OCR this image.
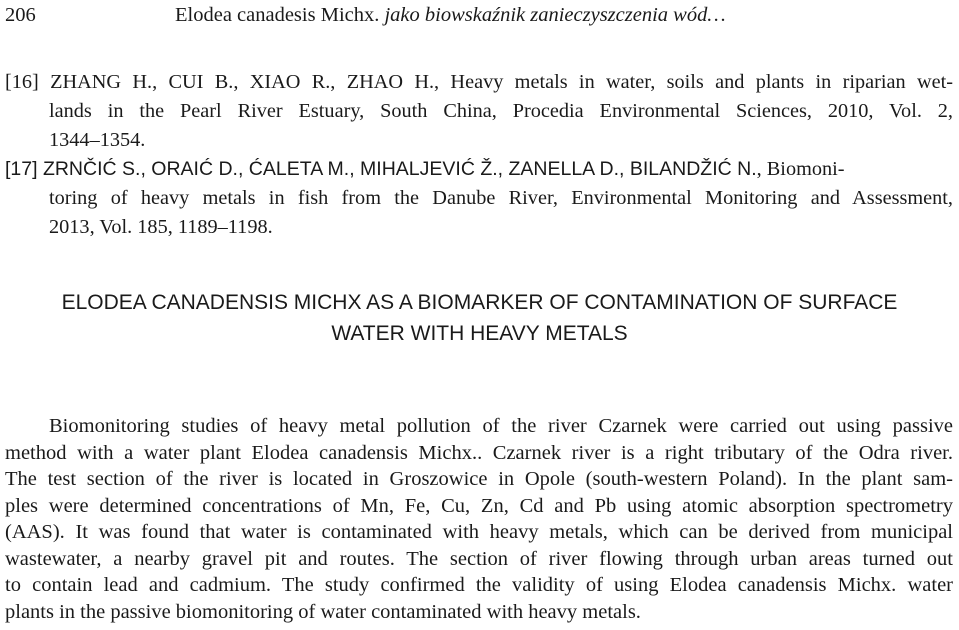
206	Elodea canadesis Michx. jako biowskaźnik zanieczyszczenia wód…
[16] ZHANG H., CUI B., XIAO R., ZHAO H., Heavy metals in water, soils and plants in riparian wet-
lands in the Pearl River Estuary, South China, Procedia Environmental Sciences, 2010, Vol. 2,
1344–1354.
[17] ZRNČIĆ S., ORAIĆ D., ĆALETA M., MIHALJEVIĆ Ž., ZANELLA D., BILANDŽIĆ N., Biomoni-
toring of heavy metals in fish from the Danube River, Environmental Monitoring and Assessment,
2013, Vol. 185, 1189–1198.
ELODEA CANADENSIS MICHX AS A BIOMARKER OF CONTAMINATION OF SURFACE
WATER WITH HEAVY METALS
Biomonitoring studies of heavy metal pollution of the river Czarnek were carried out using passive
method with a water plant Elodea canadensis Michx.. Czarnek river is a right tributary of the Odra river.
The test section of the river is located in Groszowice in Opole (south-western Poland). In the plant sam-
ples were determined concentrations of Mn, Fe, Cu, Zn, Cd and Pb using atomic absorption spectrometry
(AAS). It was found that water is contaminated with heavy metals, which can be derived from municipal
wastewater, a nearby gravel pit and routes. The section of river flowing through urban areas turned out
to contain lead and cadmium. The study confirmed the validity of using Elodea canadensis Michx. water
plants in the passive biomonitoring of water contaminated with heavy metals.
